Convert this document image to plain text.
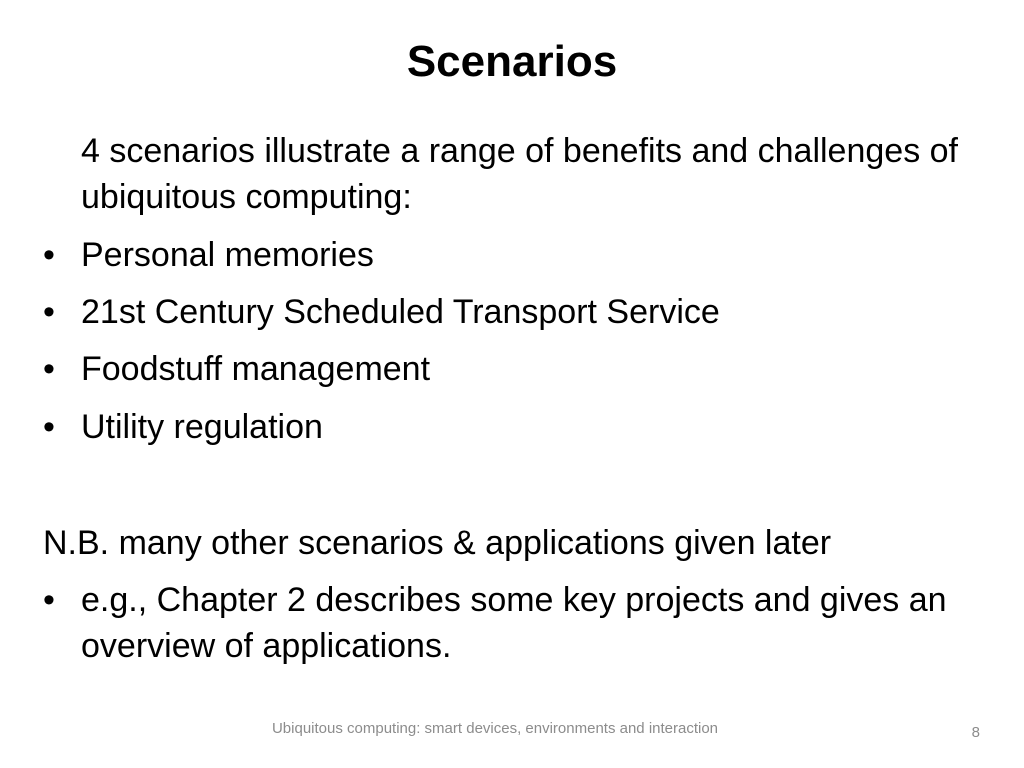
Scenarios

4 scenarios illustrate a range of benefits and challenges of ubiquitous computing:

• Personal memories
• 21st Century Scheduled Transport Service
• Foodstuff management
• Utility regulation

N.B. many other scenarios & applications given later

• e.g., Chapter 2 describes some key projects and gives an overview of applications.
Ubiquitous computing: smart devices, environments and interaction	8
